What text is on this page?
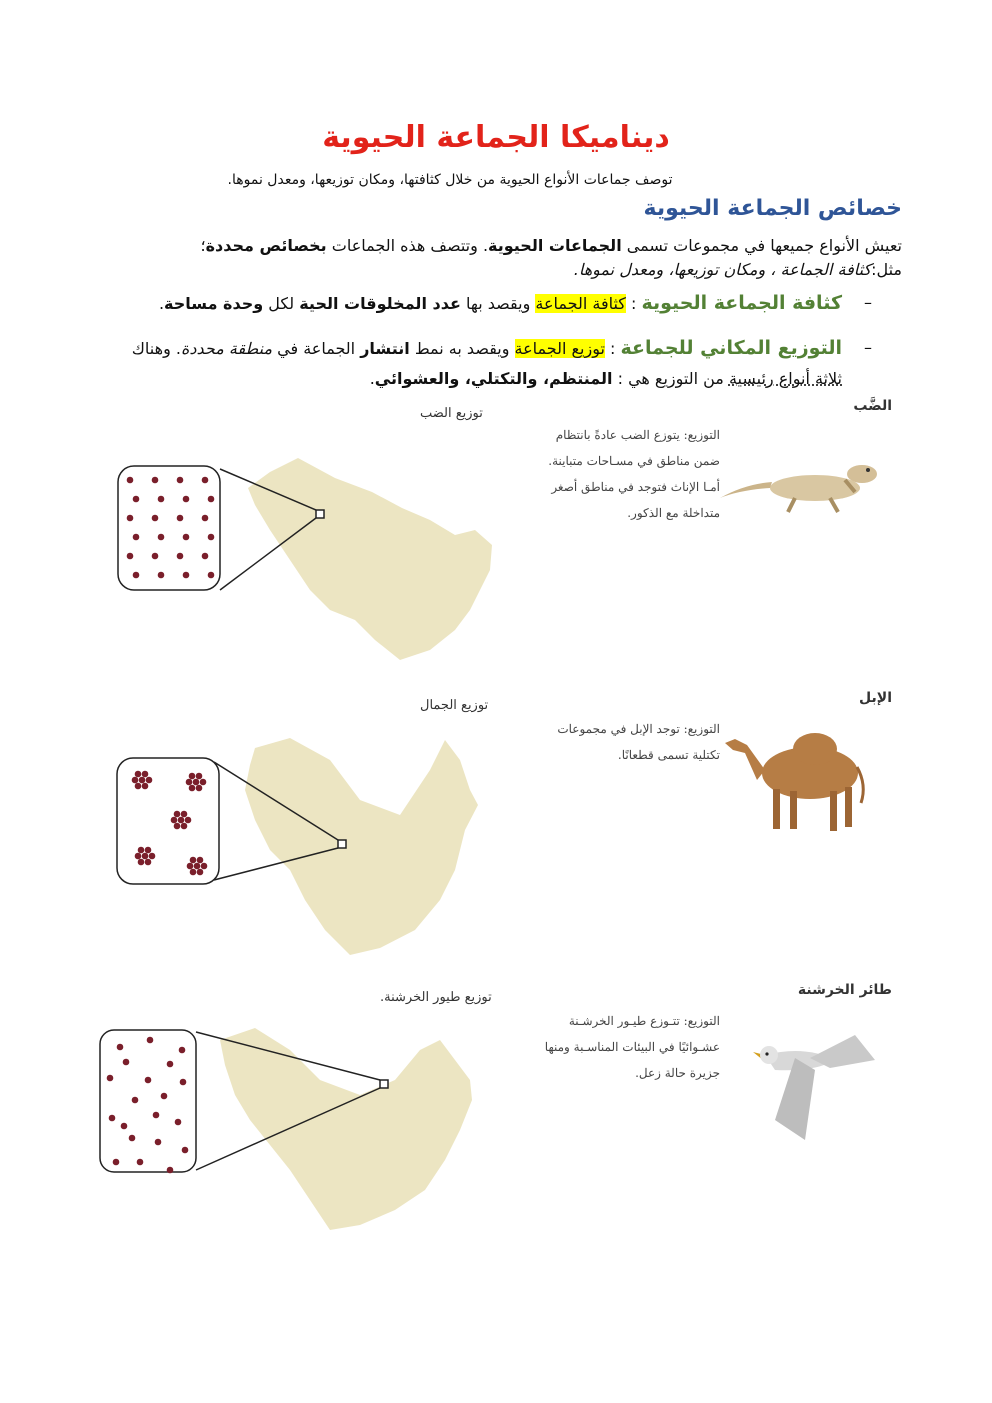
ديناميكا الجماعة الحيوية
توصف جماعات الأنواع الحيوية من خلال كثافتها، ومكان توزيعها، ومعدل نموها.
خصائص الجماعة الحيوية
تعيش الأنواع جميعها في مجموعات تسمى الجماعات الحيوية. وتتصف هذه الجماعات بخصائص محددة؛
مثل:كثافة الجماعة ، ومكان توزيعها، ومعدل نموها.
–
كثافة الجماعة الحيوية : كثافة الجماعة ويقصد بها عدد المخلوقات الحية لكل وحدة مساحة.
–
التوزيع المكاني للجماعة : توزيع الجماعة ويقصد به نمط انتشار الجماعة في منطقة محددة. وهناك
ثلاثة أنواع رئيسية من التوزيع هي : المنتظم، والتكتلي، والعشوائي.
الضَّب
توزيع الضب
التوزيع: يتوزع الضب عادةً بانتظام
ضمن مناطق في مسـاحات متباينة.
أمـا الإناث فتوجد في مناطق أصغر
متداخلة مع الذكور.
الإبل
توزيع الجمال
التوزيع: توجد الإبل في مجموعات
تكتلية تسمى قطعانًا.
طائر الخرشنة
توزيع طيور الخرشنة.
التوزيع: تتـوزع طيـور الخرشـنة
عشـوائيًا في البيئات المناسـبة ومنها
جزيرة حالة زعل.
